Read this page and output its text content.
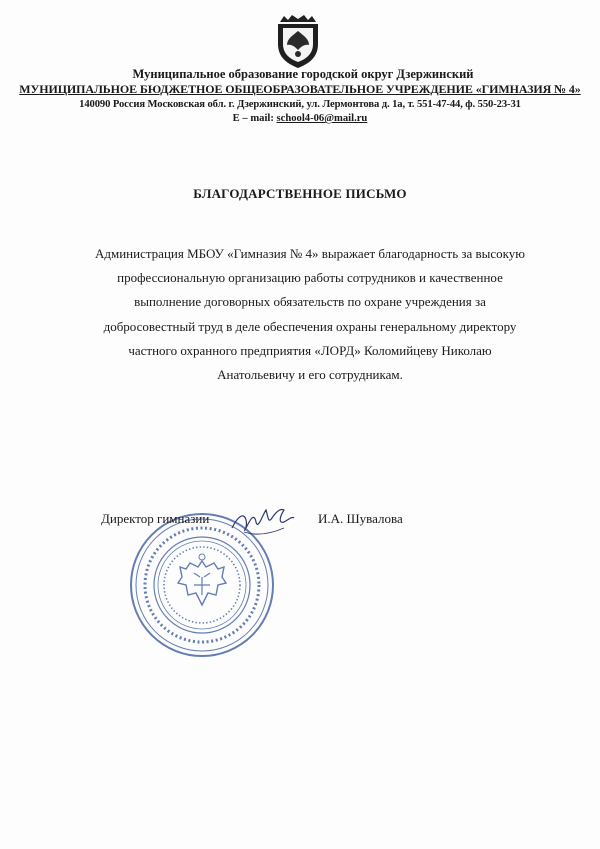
Муниципальное образование городской округ Дзержинский
МУНИЦИПАЛЬНОЕ БЮДЖЕТНОЕ ОБЩЕОБРАЗОВАТЕЛЬНОЕ УЧРЕЖДЕНИЕ «ГИМНАЗИЯ № 4»
140090 Россия Московская обл. г. Дзержинский, ул. Лермонтова д. 1а, т. 551-47-44, ф. 550-23-31
E – mail: school4-06@mail.ru
БЛАГОДАРСТВЕННОЕ ПИСЬМО
Администрация МБОУ «Гимназия № 4» выражает благодарность за высокую
профессиональную организацию работы сотрудников и качественное
выполнение договорных обязательств по охране учреждения за
добросовестный труд в деле обеспечения охраны генеральному директору
частного охранного предприятия «ЛОРД» Коломийцеву Николаю
Анатольевичу и его сотрудникам.
Директор гимназии	И.А. Шувалова
